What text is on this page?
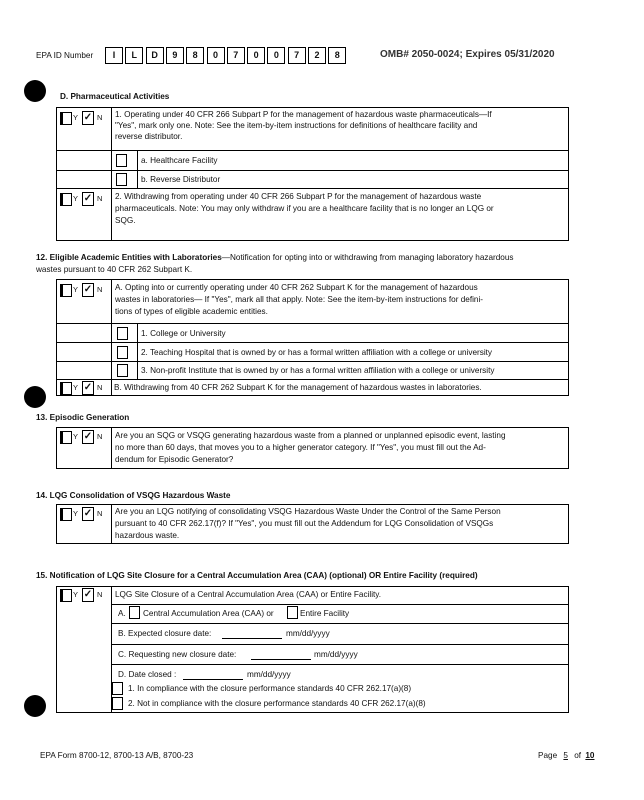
EPA ID Number	I	L	D	9	8	0	7	0	0	7	2	8	OMB# 2050-0024; Expires 05/31/2020
D. Pharmaceutical Activities
Y ✓ N 1. Operating under 40 CFR 266 Subpart P for the management of hazardous waste pharmaceuticals—If
"Yes", mark only one. Note: See the item-by-item instructions for definitions of healthcare facility and
reverse distributor.
a. Healthcare Facility
b. Reverse Distributor
Y ✓ N 2. Withdrawing from operating under 40 CFR 266 Subpart P for the management of hazardous waste
pharmaceuticals. Note: You may only withdraw if you are a healthcare facility that is no longer an LQG or
SQG.
12. Eligible Academic Entities with Laboratories—Notification for opting into or withdrawing from managing laboratory hazardous
wastes pursuant to 40 CFR 262 Subpart K.
Y ✓ N A. Opting into or currently operating under 40 CFR 262 Subpart K for the management of hazardous
wastes in laboratories— If "Yes", mark all that apply. Note: See the item-by-item instructions for defini-
tions of types of eligible academic entities.
1. College or University
2. Teaching Hospital that is owned by or has a formal written affiliation with a college or university
3. Non-profit Institute that is owned by or has a formal written affiliation with a college or university
Y ✓ N B. Withdrawing from 40 CFR 262 Subpart K for the management of hazardous wastes in laboratories.
13. Episodic Generation
Y ✓ N Are you an SQG or VSQG generating hazardous waste from a planned or unplanned episodic event, lasting
no more than 60 days, that moves you to a higher generator category. If "Yes", you must fill out the Ad-
dendum for Episodic Generator?
14. LQG Consolidation of VSQG Hazardous Waste
Y ✓ N Are you an LQG notifying of consolidating VSQG Hazardous Waste Under the Control of the Same Person
pursuant to 40 CFR 262.17(f)? If "Yes", you must fill out the Addendum for LQG Consolidation of VSQGs
hazardous waste.
15. Notification of LQG Site Closure for a Central Accumulation Area (CAA) (optional) OR Entire Facility (required)
Y ✓ N LQG Site Closure of a Central Accumulation Area (CAA) or Entire Facility.
A. Central Accumulation Area (CAA) or	Entire Facility
B. Expected closure date:	mm/dd/yyyy
C. Requesting new closure date:	mm/dd/yyyy
D. Date closed :	mm/dd/yyyy
1. In compliance with the closure performance standards 40 CFR 262.17(a)(8)
2. Not in compliance with the closure performance standards 40 CFR 262.17(a)(8)
EPA Form 8700-12, 8700-13 A/B, 8700-23	Page 5 of 10
